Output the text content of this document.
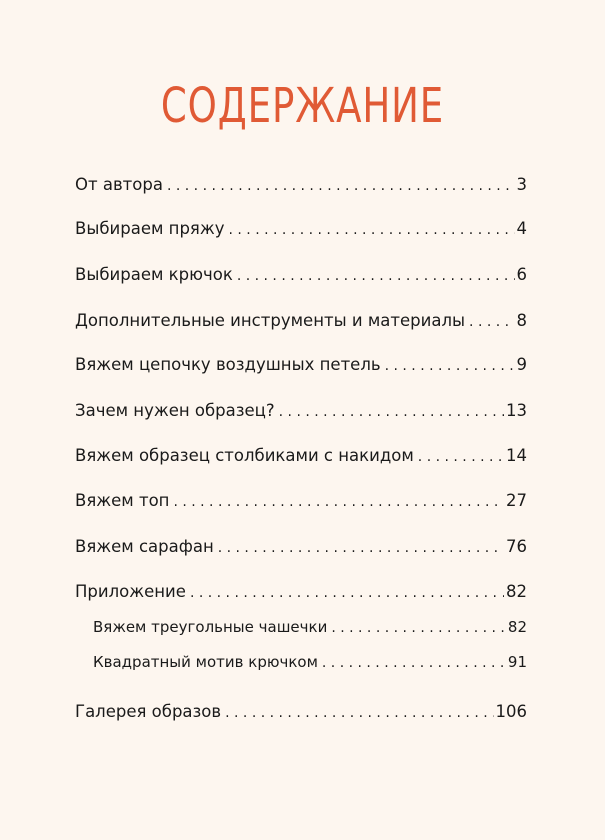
СОДЕРЖАНИЕ
От автора . . .	3
Выбираем пряжу . . .	4
Выбираем крючок . . .	6
Дополнительные инструменты и материалы . . .	8
Вяжем цепочку воздушных петель . . .	9
Зачем нужен образец? . . .	13
Вяжем образец столбиками с накидом . . .	14
Вяжем топ . . .	27
Вяжем сарафан . . .	76
Приложение . . .	82
Вяжем треугольные чашечки . . .	82
Квадратный мотив крючком . . .	91
Галерея образов . . .	106
